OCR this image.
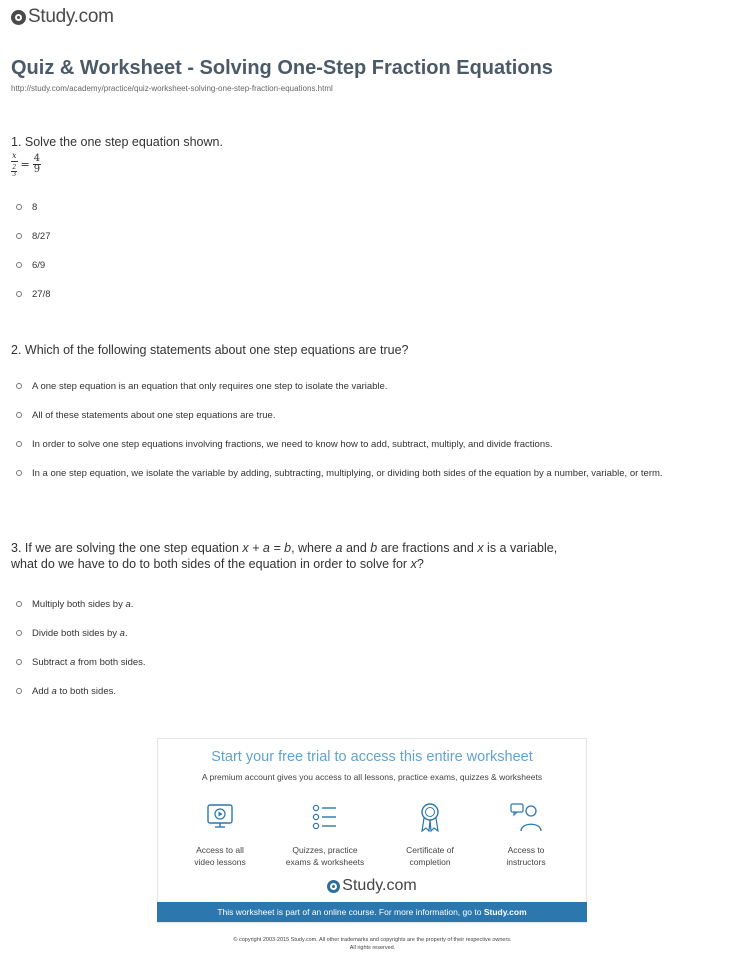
Study.com
Quiz & Worksheet - Solving One-Step Fraction Equations
http://study.com/academy/practice/quiz-worksheet-solving-one-step-fraction-equations.html
1. Solve the one step equation shown.
$\frac{x}{\frac{2}{3}} = \frac{4}{9}$
8
8/27
6/9
27/8
2. Which of the following statements about one step equations are true?
A one step equation is an equation that only requires one step to isolate the variable.
All of these statements about one step equations are true.
In order to solve one step equations involving fractions, we need to know how to add, subtract, multiply, and divide fractions.
In a one step equation, we isolate the variable by adding, subtracting, multiplying, or dividing both sides of the equation by a number, variable, or term.
3. If we are solving the one step equation x + a = b, where a and b are fractions and x is a variable,
what do we have to do to both sides of the equation in order to solve for x?
Multiply both sides by a.
Divide both sides by a.
Subtract a from both sides.
Add a to both sides.
Start your free trial to access this entire worksheet
A premium account gives you access to all lessons, practice exams, quizzes & worksheets
Access to all
video lessons
Quizzes, practice
exams & worksheets
Certificate of
completion
Access to
instructors
Study.com
This worksheet is part of an online course. For more information, go to Study.com
© copyright 2003-2015 Study.com. All other trademarks and copyrights are the property of their respective owners.
All rights reserved.
